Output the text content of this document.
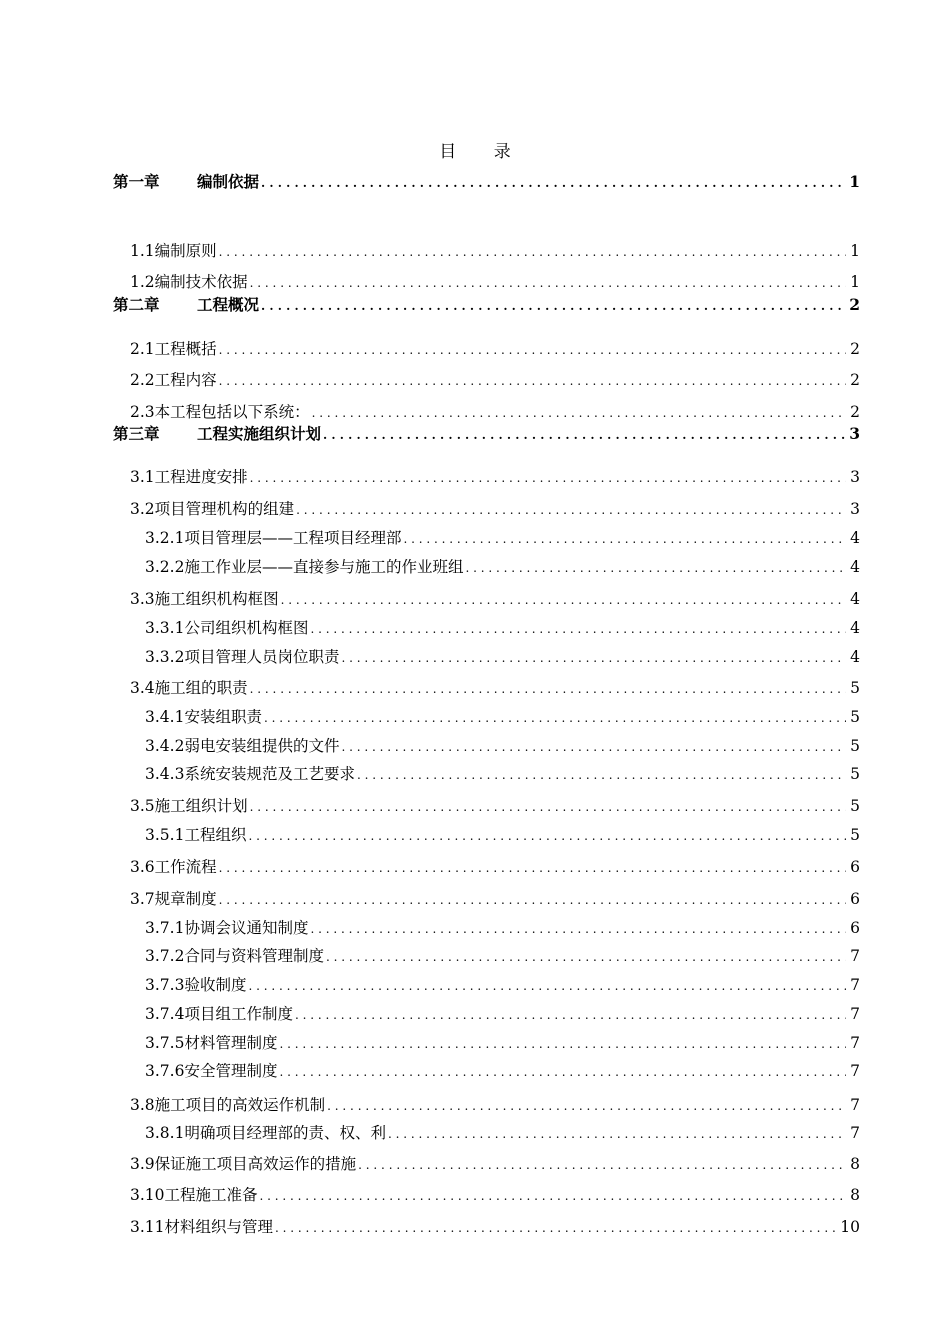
目 录
第一章 编制依据 . . .	1
1.1编制原则 . . .	1
1.2编制技术依据 . . .	1
第二章 工程概况 . . .	2
2.1工程概括 . . .	2
2.2工程内容 . . .	2
2.3本工程包括以下系统： . . .	2
第三章 工程实施组织计划 . . .	3
3.1工程进度安排 . . .	3
3.2项目管理机构的组建 . . .	3
3.2.1项目管理层——工程项目经理部 . . .	4
3.2.2施工作业层——直接参与施工的作业班组 . . .	4
3.3施工组织机构框图 . . .	4
3.3.1公司组织机构框图 . . .	4
3.3.2项目管理人员岗位职责 . . .	4
3.4施工组的职责 . . .	5
3.4.1安装组职责 . . .	5
3.4.2弱电安装组提供的文件 . . .	5
3.4.3系统安装规范及工艺要求 . . .	5
3.5施工组织计划 . . .	5
3.5.1工程组织 . . .	5
3.6工作流程 . . .	6
3.7规章制度 . . .	6
3.7.1协调会议通知制度 . . .	6
3.7.2合同与资料管理制度 . . .	7
3.7.3验收制度 . . .	7
3.7.4项目组工作制度 . . .	7
3.7.5材料管理制度 . . .	7
3.7.6安全管理制度 . . .	7
3.8施工项目的高效运作机制 . . .	7
3.8.1明确项目经理部的责、权、利 . . .	7
3.9保证施工项目高效运作的措施 . . .	8
3.10工程施工准备 . . .	8
3.11材料组织与管理 . . .	10
